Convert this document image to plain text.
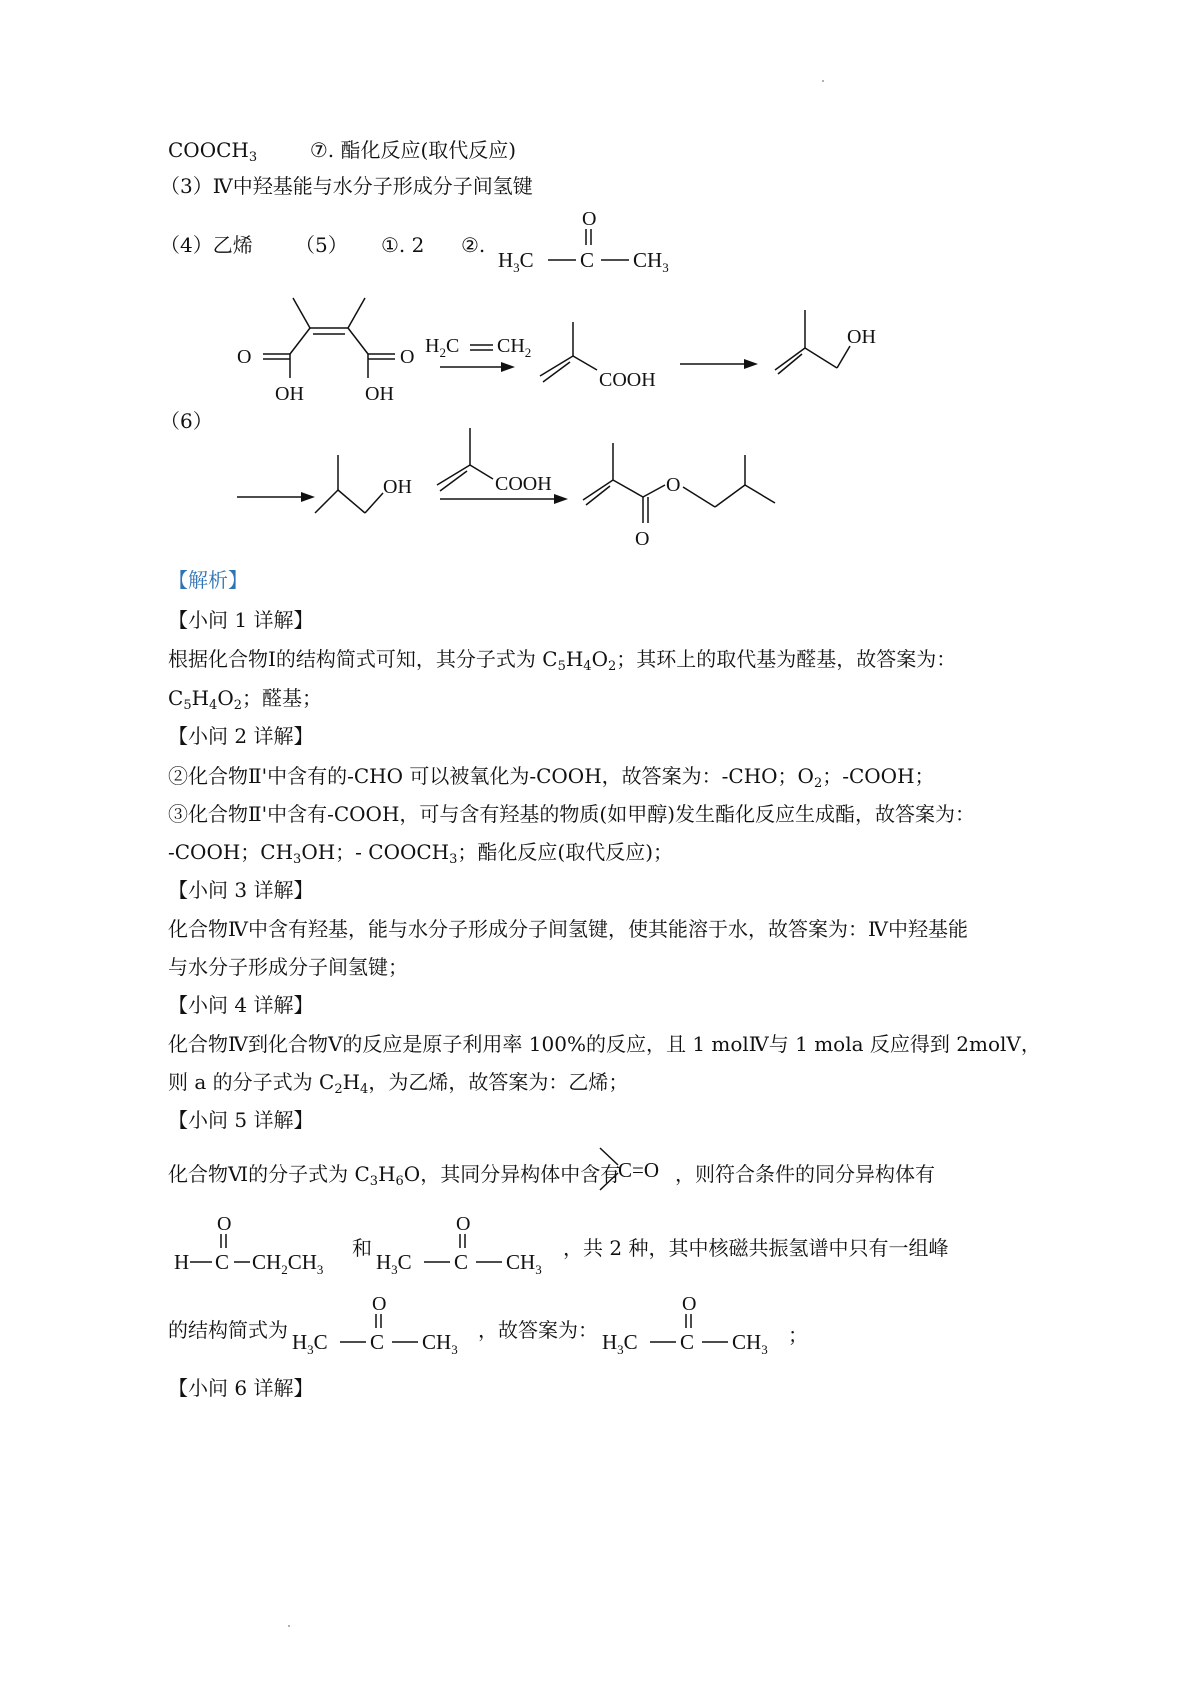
$COOCH_3$	⑦. 酯化反应(取代反应)
（3）Ⅳ中羟基能与水分子形成分子间氢键
（4）乙烯 （5） ①. 2 ②.
O
$H_3C$ C $CH_3$
O
OH
O
OH
$H_2C$ $CH_2$
COOH
OH
（6）
OH	COOH
O
O
【解析】
【小问 1 详解】
根据化合物Ⅰ的结构简式可知，其分子式为 $C_5H_4O_2$；其环上的取代基为醛基，故答案为：
$C_5H_4O_2$；醛基；
【小问 2 详解】
②化合物Ⅱ'中含有的-CHO 可以被氧化为-COOH，故答案为：-CHO；$O_2$；-COOH；
③化合物Ⅱ'中含有-COOH，可与含有羟基的物质(如甲醇)发生酯化反应生成酯，故答案为：
-COOH；$CH_3OH$；- $COOCH_3$；酯化反应(取代反应)；
【小问 3 详解】
化合物Ⅳ中含有羟基，能与水分子形成分子间氢键，使其能溶于水，故答案为：Ⅳ中羟基能
与水分子形成分子间氢键；
【小问 4 详解】
化合物Ⅳ到化合物Ⅴ的反应是原子利用率 100%的反应，且 1 molⅣ与 1 mola 反应得到 2molV，
则 a 的分子式为 $C_2H_4$，为乙烯，故答案为：乙烯；
【小问 5 详解】
化合物Ⅵ的分子式为 $C_3H_6O$，其同分异构体中含有
C=O ，则符合条件的同分异构体有
O
H C $CH_2CH_3$
和
O
$H_3C$ C $CH_3$
，共 2 种，其中核磁共振氢谱中只有一组峰
的结构简式为
O
$H_3C$ C $CH_3$
，故答案为：
O
$H_3C$ C $CH_3$
；
【小问 6 详解】
